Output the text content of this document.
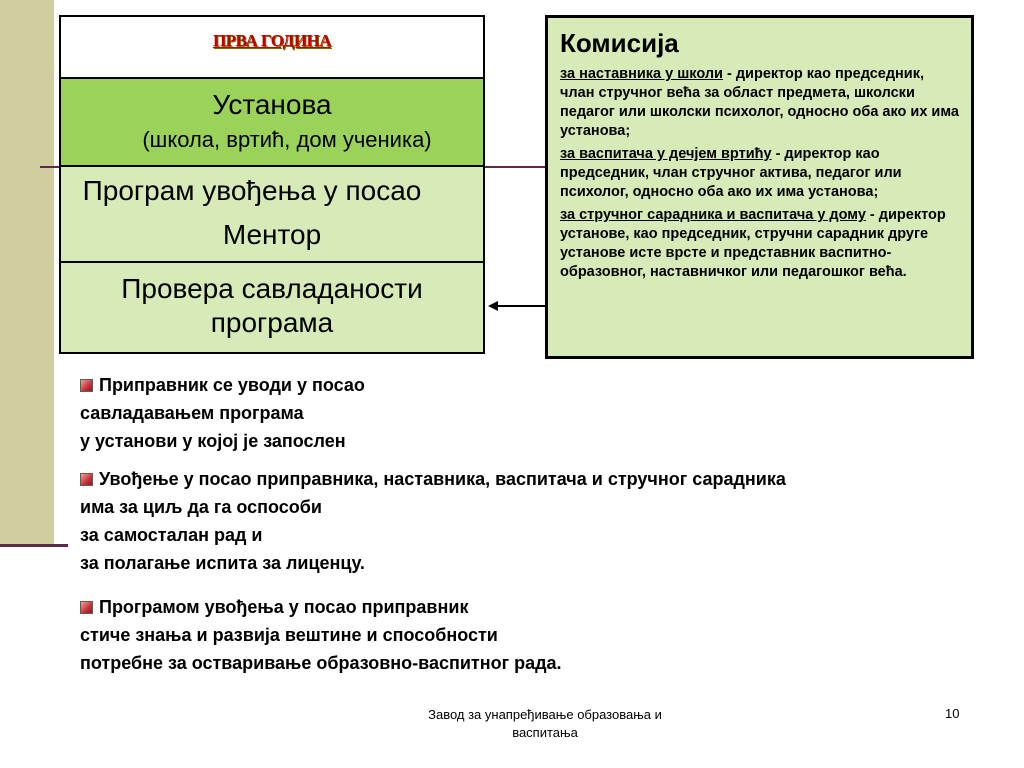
ПРВА ГОДИНА
Установа
(школа, вртић, дом ученика)
Програм увођења у посао
Ментор
Провера савладаности
програма
Комисија

за наставника у школи - директор као председник, члан стручног већа за област предмета, школски педагог или школски психолог, односно оба ако их има установа;

за васпитача у дечјем вртићу - директор као председник, члан стручног актива, педагог или психолог, односно оба ако их има установа;

за стручног сарадника и васпитача у дому - директор установе, као председник, стручни сарадник друге установе исте врсте и представник васпитно- образовног, наставничког или педагошког већа.

Приправник се уводи у посао

савладавањем програма

у установи у којој је запослен

Увођење у посао приправника, наставника, васпитача и стручног сарадника

има за циљ да га оспособи

за самосталан рад и

за полагање испита за лиценцу.

Програмом увођења у посао приправник

стиче знања и развија вештине и способности

потребне за остваривање образовно-васпитног рада.

Завод за унапређивање образовања и
васпитања
10
